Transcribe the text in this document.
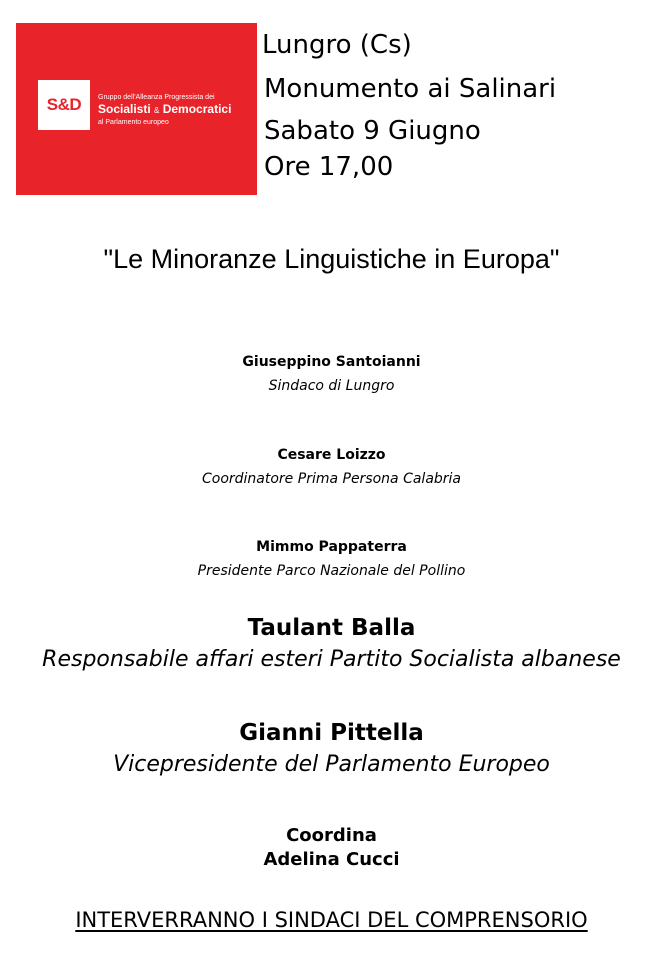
S&D	Gruppo dell'Alleanza Progressista dei
Socialisti & Democratici
al Parlamento europeo
Lungro (Cs)
Monumento ai Salinari
Sabato 9 Giugno
Ore 17,00
"Le Minoranze Linguistiche in Europa"
Giuseppino Santoianni
Sindaco di Lungro
Cesare Loizzo
Coordinatore Prima Persona Calabria
Mimmo Pappaterra
Presidente Parco Nazionale del Pollino
Taulant Balla
Responsabile affari esteri Partito Socialista albanese
Gianni Pittella
Vicepresidente del Parlamento Europeo
Coordina
Adelina Cucci
INTERVERRANNO I SINDACI DEL COMPRENSORIO
